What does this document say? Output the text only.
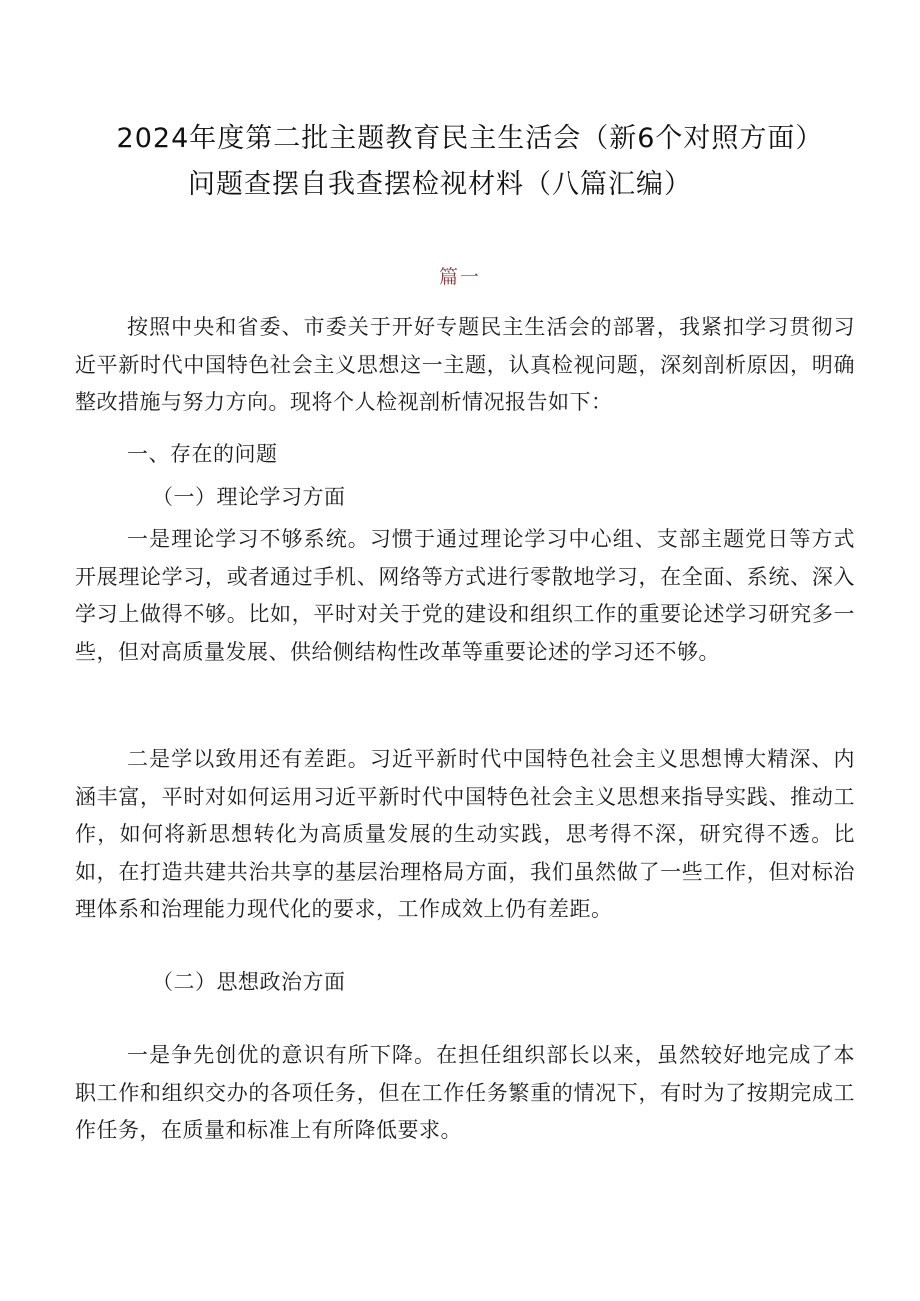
2024年度第二批主题教育民主生活会（新6个对照方面）
问题查摆自我查摆检视材料（八篇汇编）
篇一

按照中央和省委、市委关于开好专题民主生活会的部署，我紧扣学习贯彻习近平新时代中国特色社会主义思想这一主题，认真检视问题，深刻剖析原因，明确整改措施与努力方向。现将个人检视剖析情况报告如下：

一、存在的问题

（一）理论学习方面

一是理论学习不够系统。习惯于通过理论学习中心组、支部主题党日等方式开展理论学习，或者通过手机、网络等方式进行零散地学习，在全面、系统、深入学习上做得不够。比如，平时对关于党的建设和组织工作的重要论述学习研究多一些，但对高质量发展、供给侧结构性改革等重要论述的学习还不够。

二是学以致用还有差距。习近平新时代中国特色社会主义思想博大精深、内涵丰富，平时对如何运用习近平新时代中国特色社会主义思想来指导实践、推动工作，如何将新思想转化为高质量发展的生动实践，思考得不深，研究得不透。比如，在打造共建共治共享的基层治理格局方面，我们虽然做了一些工作，但对标治理体系和治理能力现代化的要求，工作成效上仍有差距。

（二）思想政治方面

一是争先创优的意识有所下降。在担任组织部长以来，虽然较好地完成了本职工作和组织交办的各项任务，但在工作任务繁重的情况下，有时为了按期完成工作任务，在质量和标准上有所降低要求。
